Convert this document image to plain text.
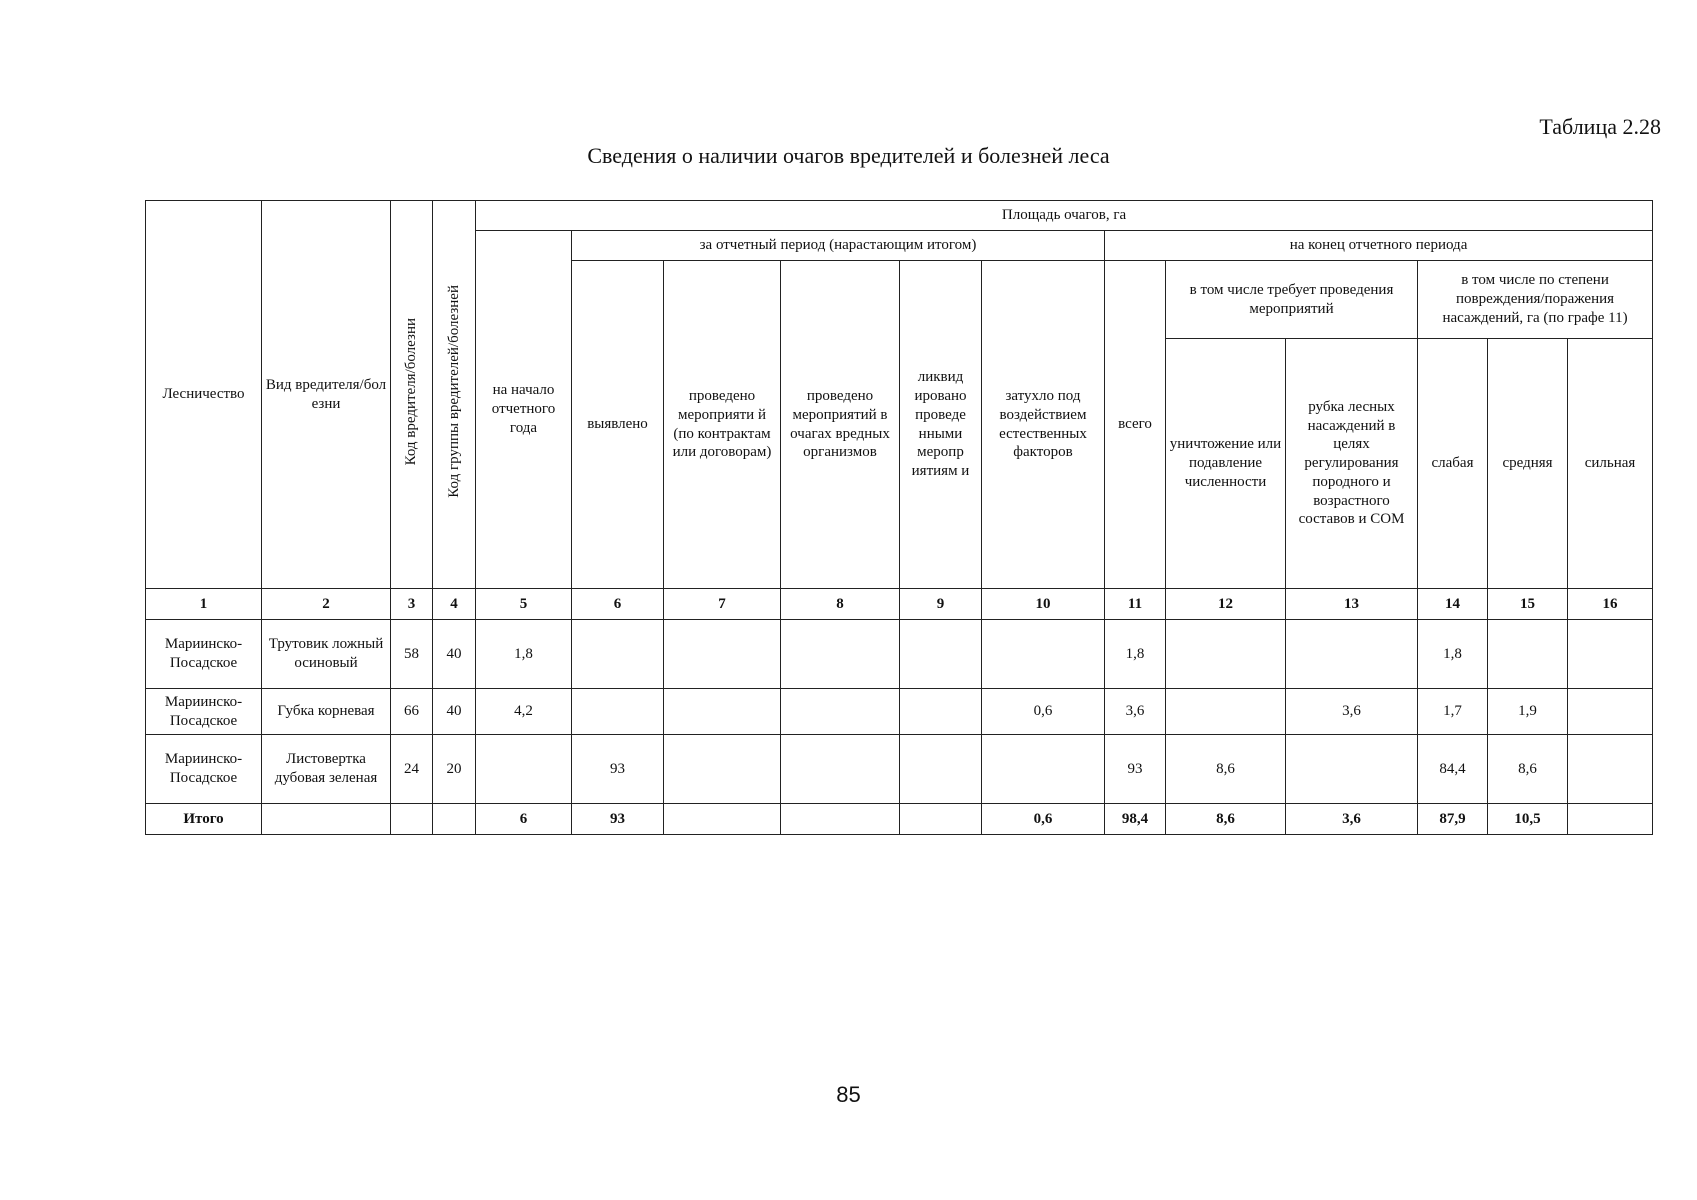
Таблица 2.28
Сведения о наличии очагов вредителей и болезней леса
Лесничество	Вид вредителя/бол езни	Код вредителя/болезни	Код группы вредителей/болезней	Площадь очагов, га											
				на начало отчетного года	за отчетный период (нарастающим итогом)					на конец отчетного периода					
					выявлено	проведено мероприяти й (по контрактам или договорам)	проведено мероприятий в очагах вредных организмов	ликвид ировано проведе нными меропр иятиям и	затухло под воздействием естественных факторов	всего	в том числе требует проведения мероприятий		в том числе по степени повреждения/поражения насаждений, га (по графе 11)		
											уничтожение или подавление численности	рубка лесных насаждений в целях регулирования породного и возрастного составов и СОМ	слабая	средняя	сильная
1	2	3	4	5	6	7	8	9	10	11	12	13	14	15	16
Мариинско-Посадское	Трутовик ложный осиновый	58	40	1,8						1,8			1,8		
Мариинско-Посадское	Губка корневая	66	40	4,2					0,6	3,6		3,6	1,7	1,9	
Мариинско-Посадское	Листовертка дубовая зеленая	24	20		93					93	8,6		84,4	8,6	
Итого				6	93				0,6	98,4	8,6	3,6	87,9	10,5	
85
